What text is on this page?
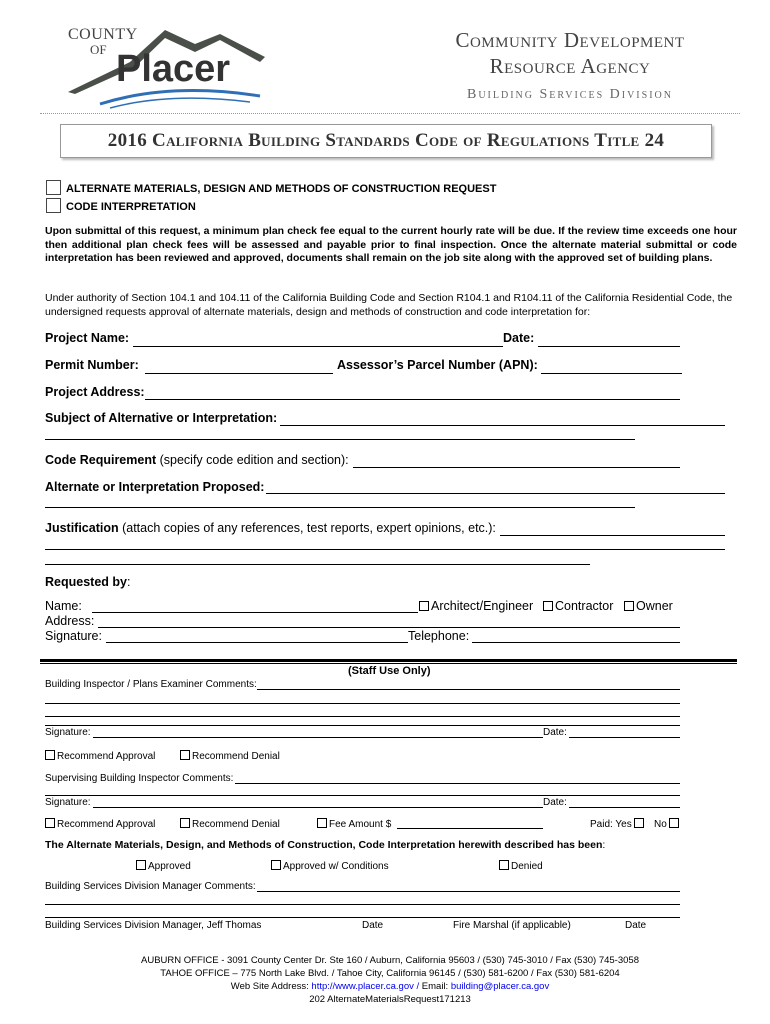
COUNTY
OF Placer
Community Development
Resource Agency
Building Services Division
2016 California Building Standards Code of Regulations Title 24
ALTERNATE MATERIALS, DESIGN AND METHODS OF CONSTRUCTION REQUEST
CODE INTERPRETATION
Upon submittal of this request, a minimum plan check fee equal to the current hourly rate will be due. If the review time exceeds one hour then additional plan check fees will be assessed and payable prior to final inspection. Once the alternate material submittal or code interpretation has been reviewed and approved, documents shall remain on the job site along with the approved set of building plans.
Under authority of Section 104.1 and 104.11 of the California Building Code and Section R104.1 and R104.11 of the California Residential Code, the undersigned requests approval of alternate materials, design and methods of construction and code interpretation for:
Project Name:	Date:
Permit Number:	Assessor’s Parcel Number (APN):
Project Address:
Subject of Alternative or Interpretation:
Code Requirement (specify code edition and section):
Alternate or Interpretation Proposed:
Justification (attach copies of any references, test reports, expert opinions, etc.):
Requested by:
Name:	Architect/Engineer	Contractor	Owner
Address:
Signature:	Telephone:
(Staff Use Only)
Building Inspector / Plans Examiner Comments:
Signature:	Date:
Recommend Approval	Recommend Denial
Supervising Building Inspector Comments:
Signature:	Date:
Recommend Approval	Recommend Denial	Fee Amount $	Paid: Yes	No
The Alternate Materials, Design, and Methods of Construction, Code Interpretation herewith described has been:
Approved	Approved w/ Conditions	Denied
Building Services Division Manager Comments:
Building Services Division Manager, Jeff Thomas	Date	Fire Marshal (if applicable)	Date
AUBURN OFFICE - 3091 County Center Dr. Ste 160 / Auburn, California 95603 / (530) 745-3010 / Fax (530) 745-3058
TAHOE OFFICE – 775 North Lake Blvd. / Tahoe City, California 96145 / (530) 581-6200 / Fax (530) 581-6204
Web Site Address: http://www.placer.ca.gov / Email: building@placer.ca.gov
202 AlternateMaterialsRequest171213
